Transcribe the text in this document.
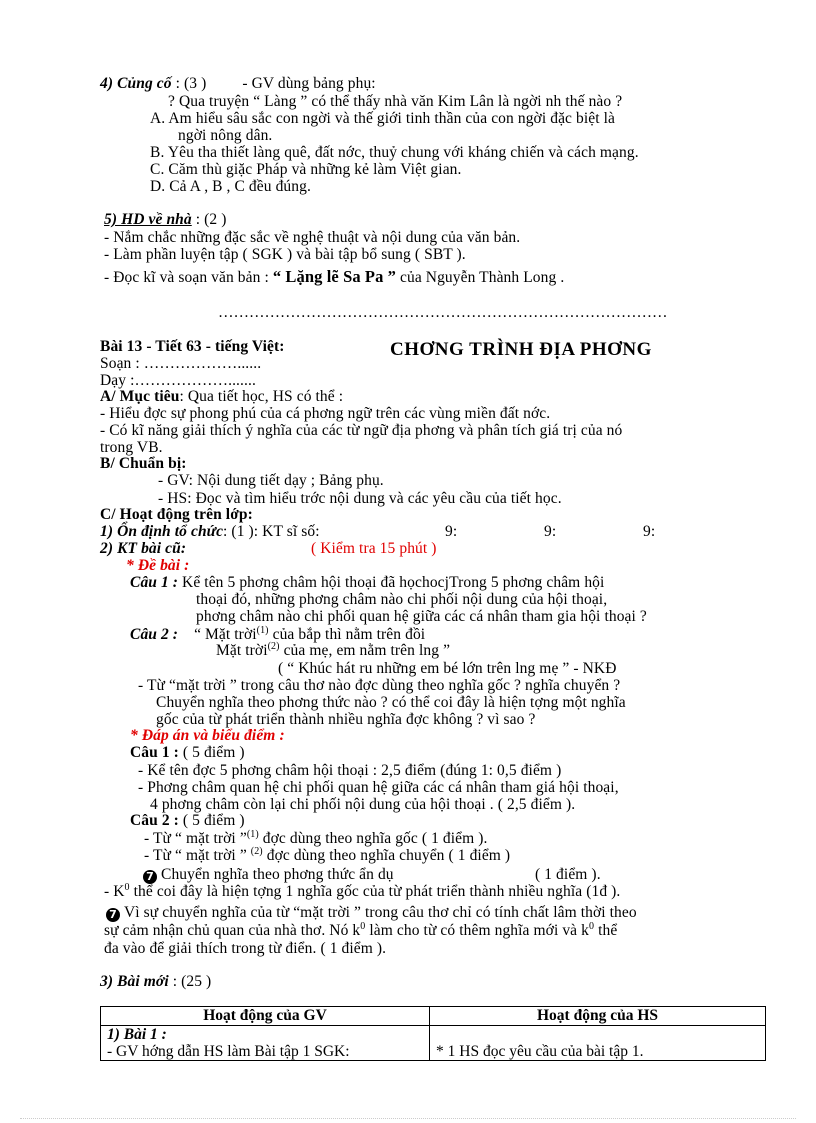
4) Củng cố : (3 ) - GV dùng bảng phụ:
? Qua truyện “ Làng ” có thể thấy nhà văn Kim Lân là ngời nh thế nào ?
A. Am hiểu sâu sắc con ngời và thế giới tinh thần của con ngời đặc biệt là
ngời nông dân.
B. Yêu tha thiết làng quê, đất nớc, thuỷ chung với kháng chiến và cách mạng.
C. Căm thù giặc Pháp và những kẻ làm Việt gian.
D. Cả A , B , C đều đúng.
5) HD về nhà : (2 )
- Nắm chắc những đặc sắc về nghệ thuật và nội dung của văn bản.
- Làm phần luyện tập ( SGK ) và bài tập bổ sung ( SBT ).
- Đọc kĩ và soạn văn bản : “ Lặng lẽ Sa Pa ” của Nguyễn Thành Long .
……………………………………………………………………………
Bài 13 - Tiết 63 - tiếng Việt:	CHƠNG TRÌNH ĐỊA PHƠNG
Soạn : ………………......
Dạy :……………….......
A/ Mục tiêu: Qua tiết học, HS có thể :
- Hiểu đợc sự phong phú của cá phơng ngữ trên các vùng miền đất nớc.
- Có kĩ năng giải thích ý nghĩa của các từ ngữ địa phơng và phân tích giá trị của nó
trong VB.
B/ Chuẩn bị:
- GV: Nội dung tiết dạy ; Bảng phụ.
- HS: Đọc và tìm hiểu trớc nội dung và các yêu cầu của tiết học.
C/ Hoạt động trên lớp:
1) Ổn định tổ chức: (1 ): KT sĩ số:	9:	9:	9:
2) KT bài cũ:	( Kiểm tra 15 phút )
* Đề bài :
Câu 1 : Kể tên 5 phơng châm hội thoại đã họchocjTrong 5 phơng châm hội
thoại đó, những phơng châm nào chi phối nội dung của hội thoại,
phơng châm nào chi phối quan hệ giữa các cá nhân tham gia hội thoại ?
Câu 2 : “ Mặt trời$^{(1)}$ của bắp thì nằm trên đồi
Mặt trời$^{(2)}$ của mẹ, em nằm trên lng ”
( “ Khúc hát ru những em bé lớn trên lng mẹ ” - NKĐ
- Từ “mặt trời ” trong câu thơ nào đợc dùng theo nghĩa gốc ? nghĩa chuyển ?
Chuyển nghĩa theo phơng thức nào ? có thể coi đây là hiện tợng một nghĩa
gốc của từ phát triển thành nhiều nghĩa đợc không ? vì sao ?
* Đáp án và biểu điểm :
Câu 1 : ( 5 điểm )
- Kể tên đợc 5 phơng châm hội thoại : 2,5 điểm (đúng 1: 0,5 điểm )
- Phơng châm quan hệ chi phối quan hệ giữa các cá nhân tham giá hội thoại,
4 phơng châm còn lại chi phối nội dung của hội thoại . ( 2,5 điểm ).
Câu 2 : ( 5 điểm )
- Từ “ mặt trời ”$^{(1)}$ đợc dùng theo nghĩa gốc ( 1 điểm ).
- Từ “ mặt trời ” $^{(2)}$ đợc dùng theo nghĩa chuyển ( 1 điểm )
7 Chuyển nghĩa theo phơng thức ẩn dụ	( 1 điểm ).
- $K^0$ thể coi đây là hiện tợng 1 nghĩa gốc của từ phát triển thành nhiều nghĩa (1đ ).
7 Vì sự chuyển nghĩa của từ “mặt trời ” trong câu thơ chỉ có tính chất lâm thời theo
sự cảm nhận chủ quan của nhà thơ. Nó $k^0$ làm cho từ có thêm nghĩa mới và $k^0$ thể
đa vào để giải thích trong từ điển. ( 1 điểm ).
3) Bài mới : (25 )
Hoạt động của GV	Hoạt động của HS
1) Bài 1 :
- GV hớng dẫn HS làm Bài tập 1 SGK:	* 1 HS đọc yêu cầu của bài tập 1.
